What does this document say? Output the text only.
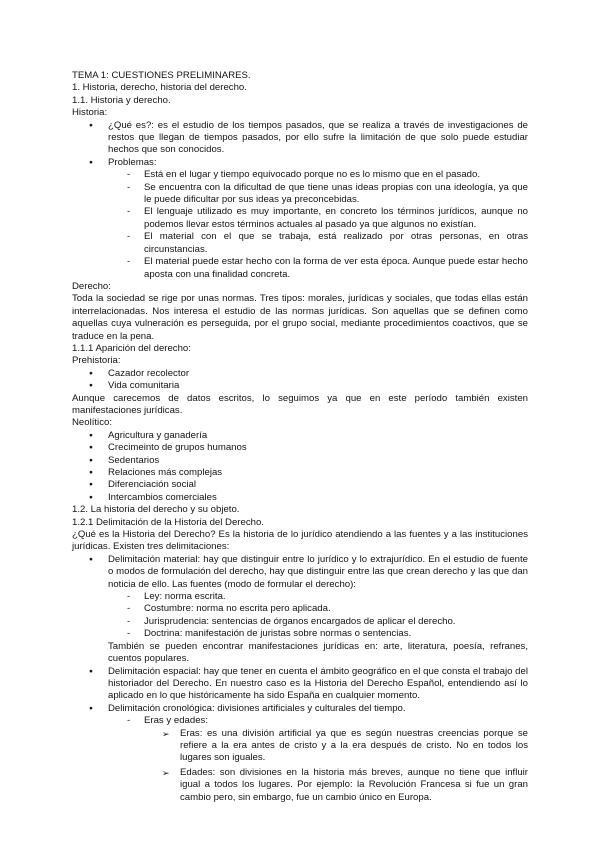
TEMA 1: CUESTIONES PRELIMINARES.

1. Historia, derecho, historia del derecho.

1.1. Historia y derecho.

Historia:

● ¿Qué es?: es el estudio de los tiempos pasados, que se realiza a través de investigaciones de restos que llegan de tiempos pasados, por ello sufre la limitación de que solo puede estudiar hechos que son conocidos.
● Problemas:
- Está en el lugar y tiempo equivocado porque no es lo mismo que en el pasado.
- Se encuentra con la dificultad de que tiene unas ideas propias con una ideología, ya que le puede dificultar por sus ideas ya preconcebidas.
- El lenguaje utilizado es muy importante, en concreto los términos jurídicos, aunque no podemos llevar estos términos actuales al pasado ya que algunos no existían.
- El material con el que se trabaja, está realizado por otras personas, en otras circunstancias.
- El material puede estar hecho con la forma de ver esta época. Aunque puede estar hecho aposta con una finalidad concreta.

Derecho:

Toda la sociedad se rige por unas normas. Tres tipos: morales, jurídicas y sociales, que todas ellas están interrelacionadas. Nos interesa el estudio de las normas jurídicas. Son aquellas que se definen como aquellas cuya vulneración es perseguida, por el grupo social, mediante procedimientos coactivos, que se traduce en la pena.

1.1.1 Aparición del derecho:

Prehistoria:

● Cazador recolector
● Vida comunitaria

Aunque carecemos de datos escritos, lo seguimos ya que en este período también existen manifestaciones jurídicas.

Neolítico:

● Agricultura y ganadería
● Crecimeinto de grupos humanos
● Sedentarios
● Relaciones más complejas
● Diferenciación social
● Intercambios comerciales

1.2. La historia del derecho y su objeto.

1.2.1 Delimitación de la Historia del Derecho.

¿Qué es la Historia del Derecho? Es la historia de lo jurídico atendiendo a las fuentes y a las instituciones jurídicas. Existen tres delimitaciones:

● Delimitación material: hay que distinguir entre lo jurídico y lo extrajurídico. En el estudio de fuente o modos de formulación del derecho, hay que distinguir entre las que crean derecho y las que dan noticia de ello. Las fuentes (modo de formular el derecho):

- Ley: norma escrita.
- Costumbre: norma no escrita pero aplicada.
- Jurisprudencia: sentencias de órganos encargados de aplicar el derecho.
- Doctrina: manifestación de juristas sobre normas o sentencias.

También se pueden encontrar manifestaciones jurídicas en: arte, literatura, poesía, refranes, cuentos populares.

● Delimitación espacial: hay que tener en cuenta el ámbito geográfico en el que consta el trabajo del historiador del Derecho. En nuestro caso es la Historia del Derecho Español, entendiendo así lo aplicado en lo que históricamente ha sido España en cualquier momento.

● Delimitación cronológica: divisiones artificiales y culturales del tiempo.

- Eras y edades:
➢ Eras: es una división artificial ya que es según nuestras creencias porque se refiere a la era antes de cristo y a la era después de cristo. No en todos los lugares son iguales.
➢ Edades: son divisiones en la historia más breves, aunque no tiene que influir igual a todos los lugares. Por ejemplo: la Revolución Francesa si fue un gran cambio pero, sin embargo, fue un cambio único en Europa.
